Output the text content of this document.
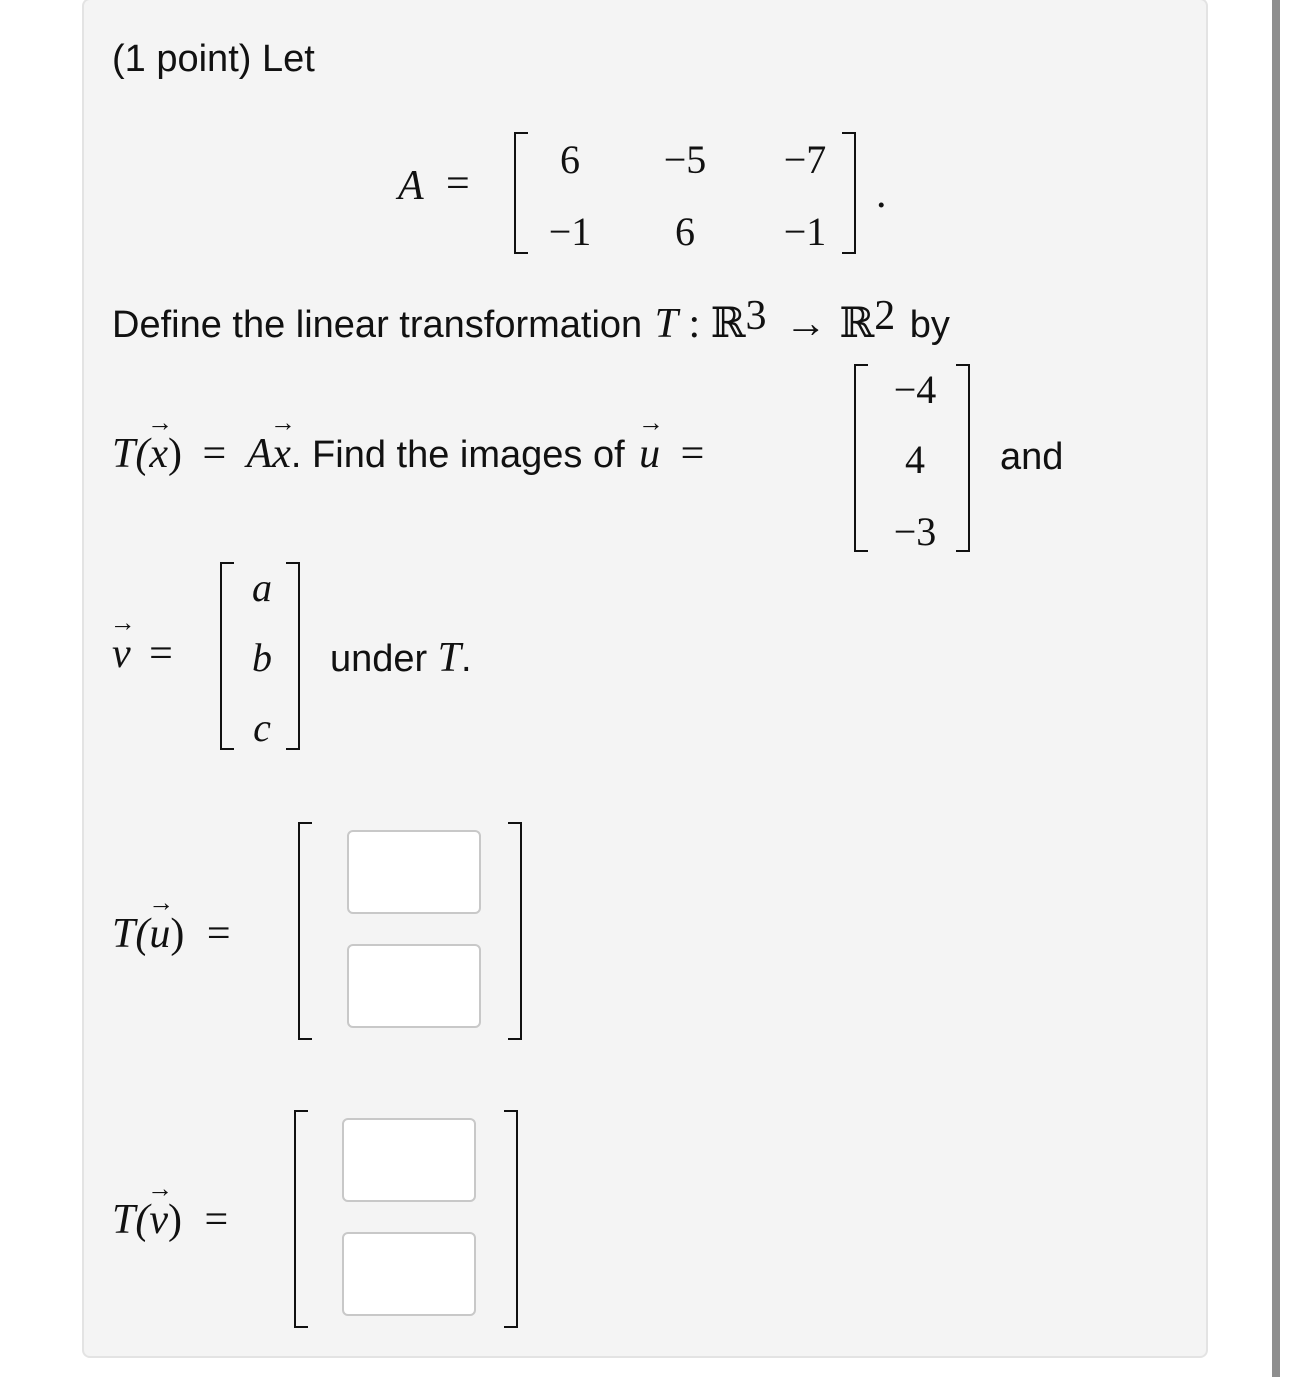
(1 point) Let
A =
6	−5	−7
−1	6	−1
.
Define the linear transformation T : ℝ$^3$ → ℝ$^2$ by
T(→ x) = A→ x. Find the images of → u =
−4
4
−3
and
→ v =
a
b
c
under T.
T(→ u) =
T(→ v) =
